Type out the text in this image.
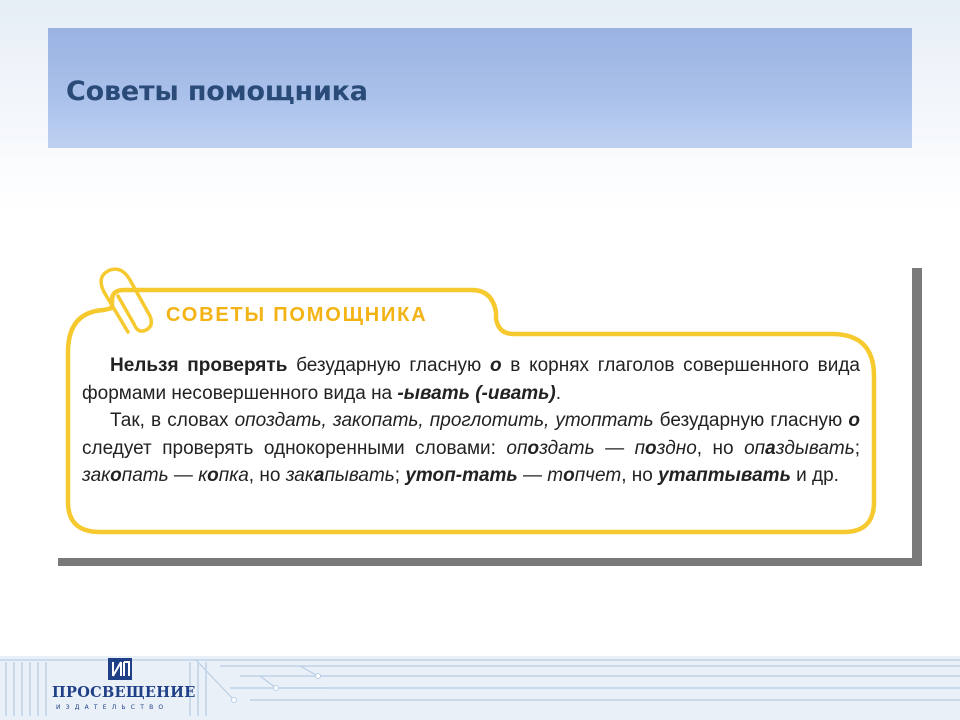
Советы помощника
СОВЕТЫ ПОМОЩНИКА

Нельзя проверять безударную гласную о в корнях глаголов совершенного вида формами несовершенного вида на -ывать (-ивать).

Так, в словах опоздать, закопать, проглотить, утоптать безударную гласную о следует проверять однокоренными словами: опоздать — поздно, но опаздывать; закопать — копка, но закапывать; утоп-тать — топчет, но утаптывать и др.

ПРОСВЕЩЕНИЕ
ИЗДАТЕЛЬСТВО
